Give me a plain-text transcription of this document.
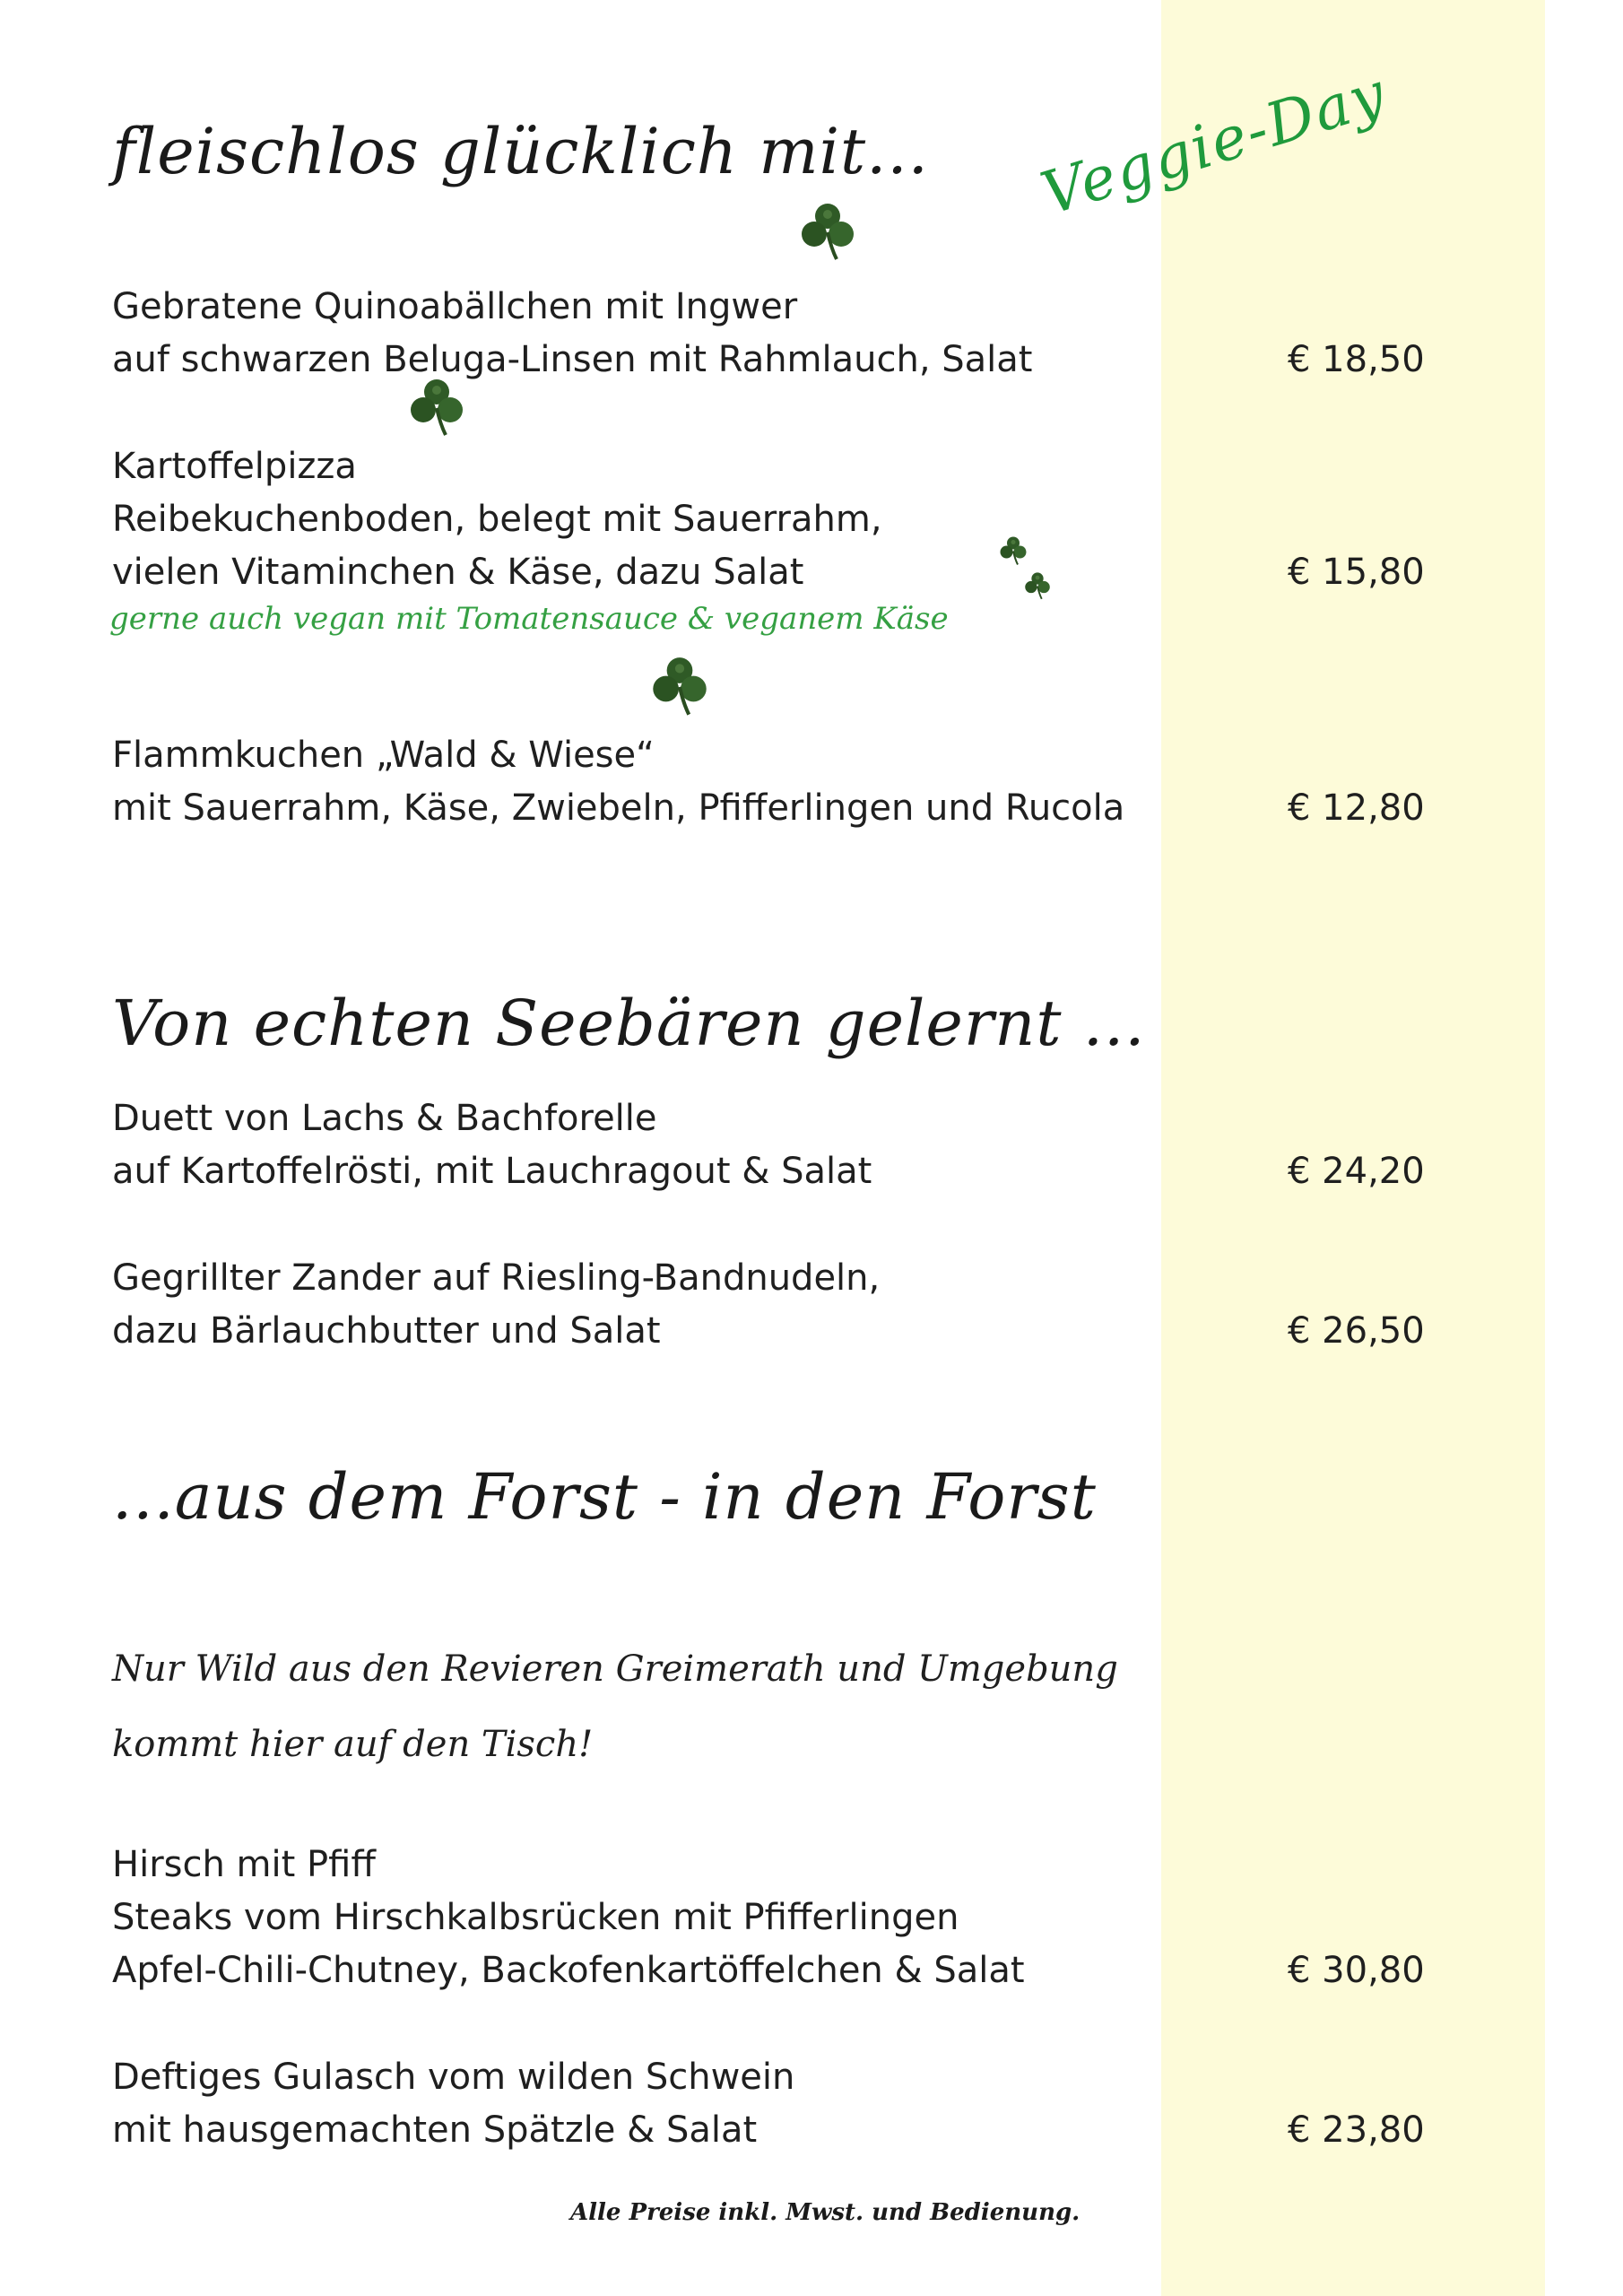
Veggie-Day
fleischlos glücklich mit...
Gebratene Quinoabällchen mit Ingwer
auf schwarzen Beluga-Linsen mit Rahmlauch, Salat	€ 18,50
Kartoffelpizza
Reibekuchenboden, belegt mit Sauerrahm,
vielen Vitaminchen & Käse, dazu Salat	€ 15,80
gerne auch vegan mit Tomatensauce & veganem Käse
Flammkuchen „Wald & Wiese“
mit Sauerrahm, Käse, Zwiebeln, Pfifferlingen und Rucola	€ 12,80
Von echten Seebären gelernt ...
Duett von Lachs & Bachforelle
auf Kartoffelrösti, mit Lauchragout & Salat	€ 24,20
Gegrillter Zander auf Riesling-Bandnudeln,
dazu Bärlauchbutter und Salat	€ 26,50
...aus dem Forst - in den Forst
Nur Wild aus den Revieren Greimerath und Umgebung
kommt hier auf den Tisch!
Hirsch mit Pfiff
Steaks vom Hirschkalbsrücken mit Pfifferlingen
Apfel-Chili-Chutney, Backofenkartöffelchen & Salat	€ 30,80
Deftiges Gulasch vom wilden Schwein
mit hausgemachten Spätzle & Salat	€ 23,80
Alle Preise inkl. Mwst. und Bedienung.
